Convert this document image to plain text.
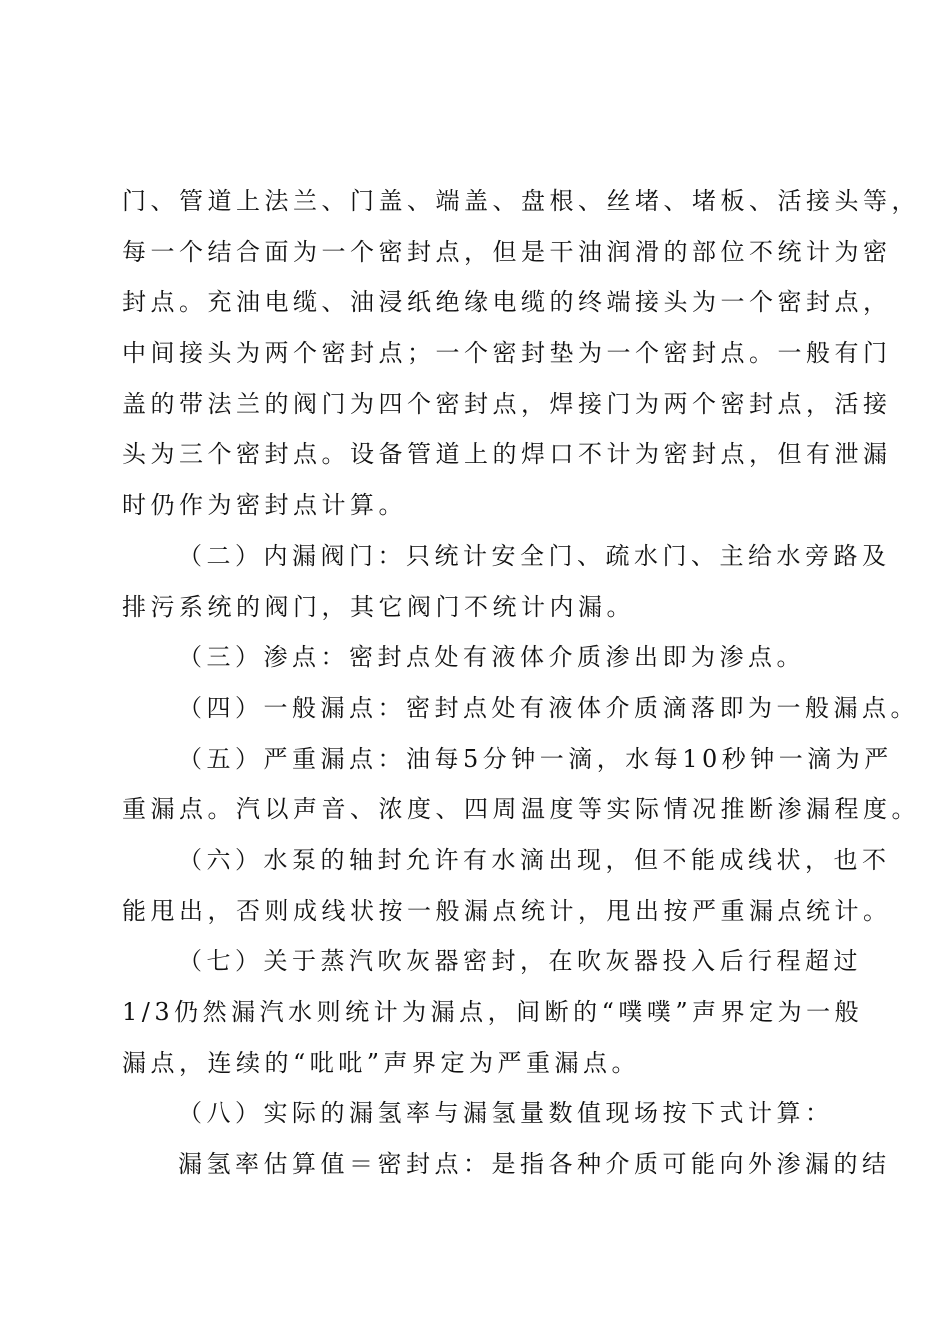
门、管道上法兰、门盖、端盖、盘根、丝堵、堵板、活接头等，
每一个结合面为一个密封点，但是干油润滑的部位不统计为密
封点。充油电缆、油浸纸绝缘电缆的终端接头为一个密封点，
中间接头为两个密封点；一个密封垫为一个密封点。一般有门
盖的带法兰的阀门为四个密封点，焊接门为两个密封点，活接
头为三个密封点。设备管道上的焊口不计为密封点，但有泄漏
时仍作为密封点计算。
（二）内漏阀门：只统计安全门、疏水门、主给水旁路及
排污系统的阀门，其它阀门不统计内漏。
（三）渗点：密封点处有液体介质渗出即为渗点。
（四）一般漏点：密封点处有液体介质滴落即为一般漏点。
（五）严重漏点：油每5分钟一滴，水每10秒钟一滴为严
重漏点。汽以声音、浓度、四周温度等实际情况推断渗漏程度。
（六）水泵的轴封允许有水滴出现，但不能成线状，也不
能甩出，否则成线状按一般漏点统计，甩出按严重漏点统计。
（七）关于蒸汽吹灰器密封，在吹灰器投入后行程超过
1/3仍然漏汽水则统计为漏点，间断的“噗噗”声界定为一般
漏点，连续的“吡吡”声界定为严重漏点。
（八）实际的漏氢率与漏氢量数值现场按下式计算：
漏氢率估算值＝密封点：是指各种介质可能向外渗漏的结
